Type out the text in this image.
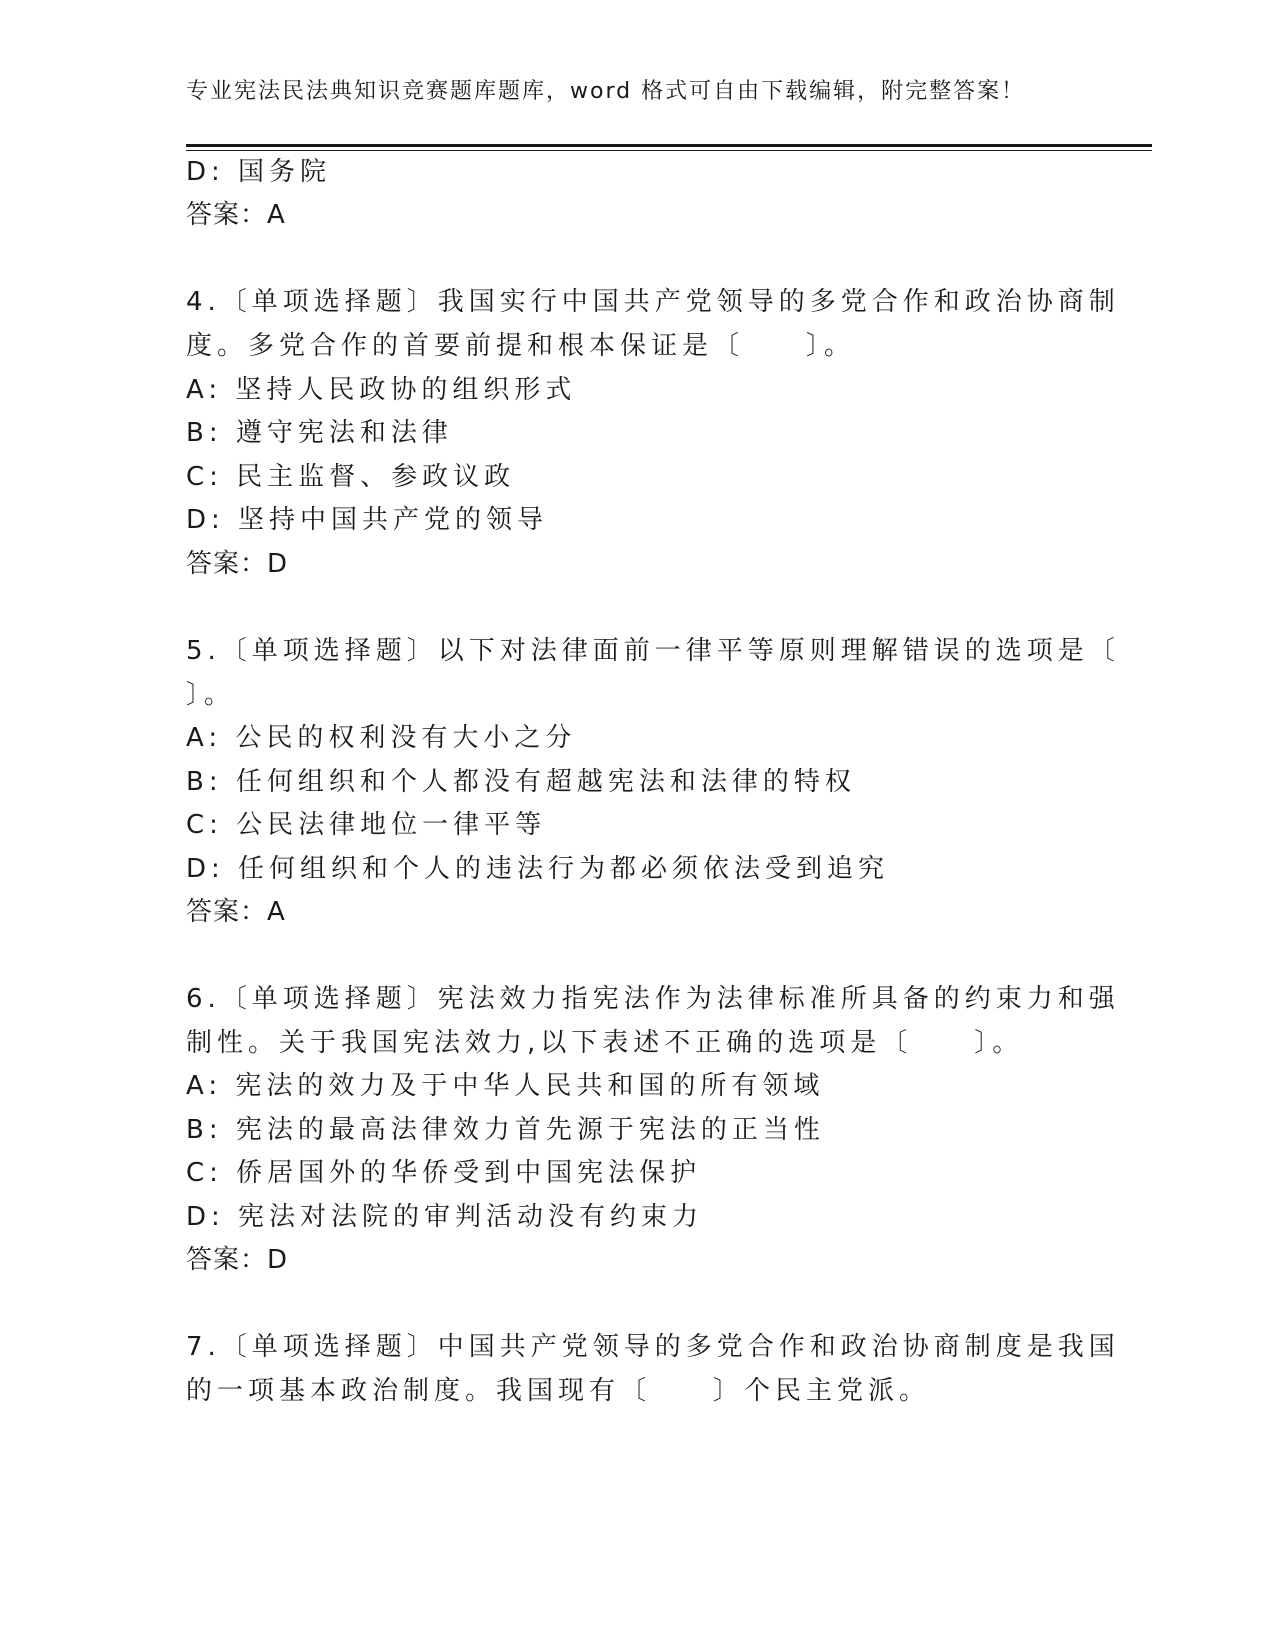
专业宪法民法典知识竞赛题库题库，word 格式可自由下载编辑，附完整答案！
D: 国务院
答案：A
4.〔单项选择题〕我国实行中国共产党领导的多党合作和政治协商制
度。多党合作的首要前提和根本保证是〔　　〕。
A: 坚持人民政协的组织形式
B: 遵守宪法和法律
C: 民主监督、参政议政
D: 坚持中国共产党的领导
答案：D
5.〔单项选择题〕以下对法律面前一律平等原则理解错误的选项是〔
〕。
A: 公民的权利没有大小之分
B: 任何组织和个人都没有超越宪法和法律的特权
C: 公民法律地位一律平等
D: 任何组织和个人的违法行为都必须依法受到追究
答案：A
6.〔单项选择题〕宪法效力指宪法作为法律标准所具备的约束力和强
制性。关于我国宪法效力,以下表述不正确的选项是〔　　〕。
A: 宪法的效力及于中华人民共和国的所有领域
B: 宪法的最高法律效力首先源于宪法的正当性
C: 侨居国外的华侨受到中国宪法保护
D: 宪法对法院的审判活动没有约束力
答案：D
7.〔单项选择题〕中国共产党领导的多党合作和政治协商制度是我国
的一项基本政治制度。我国现有〔　　〕个民主党派。
